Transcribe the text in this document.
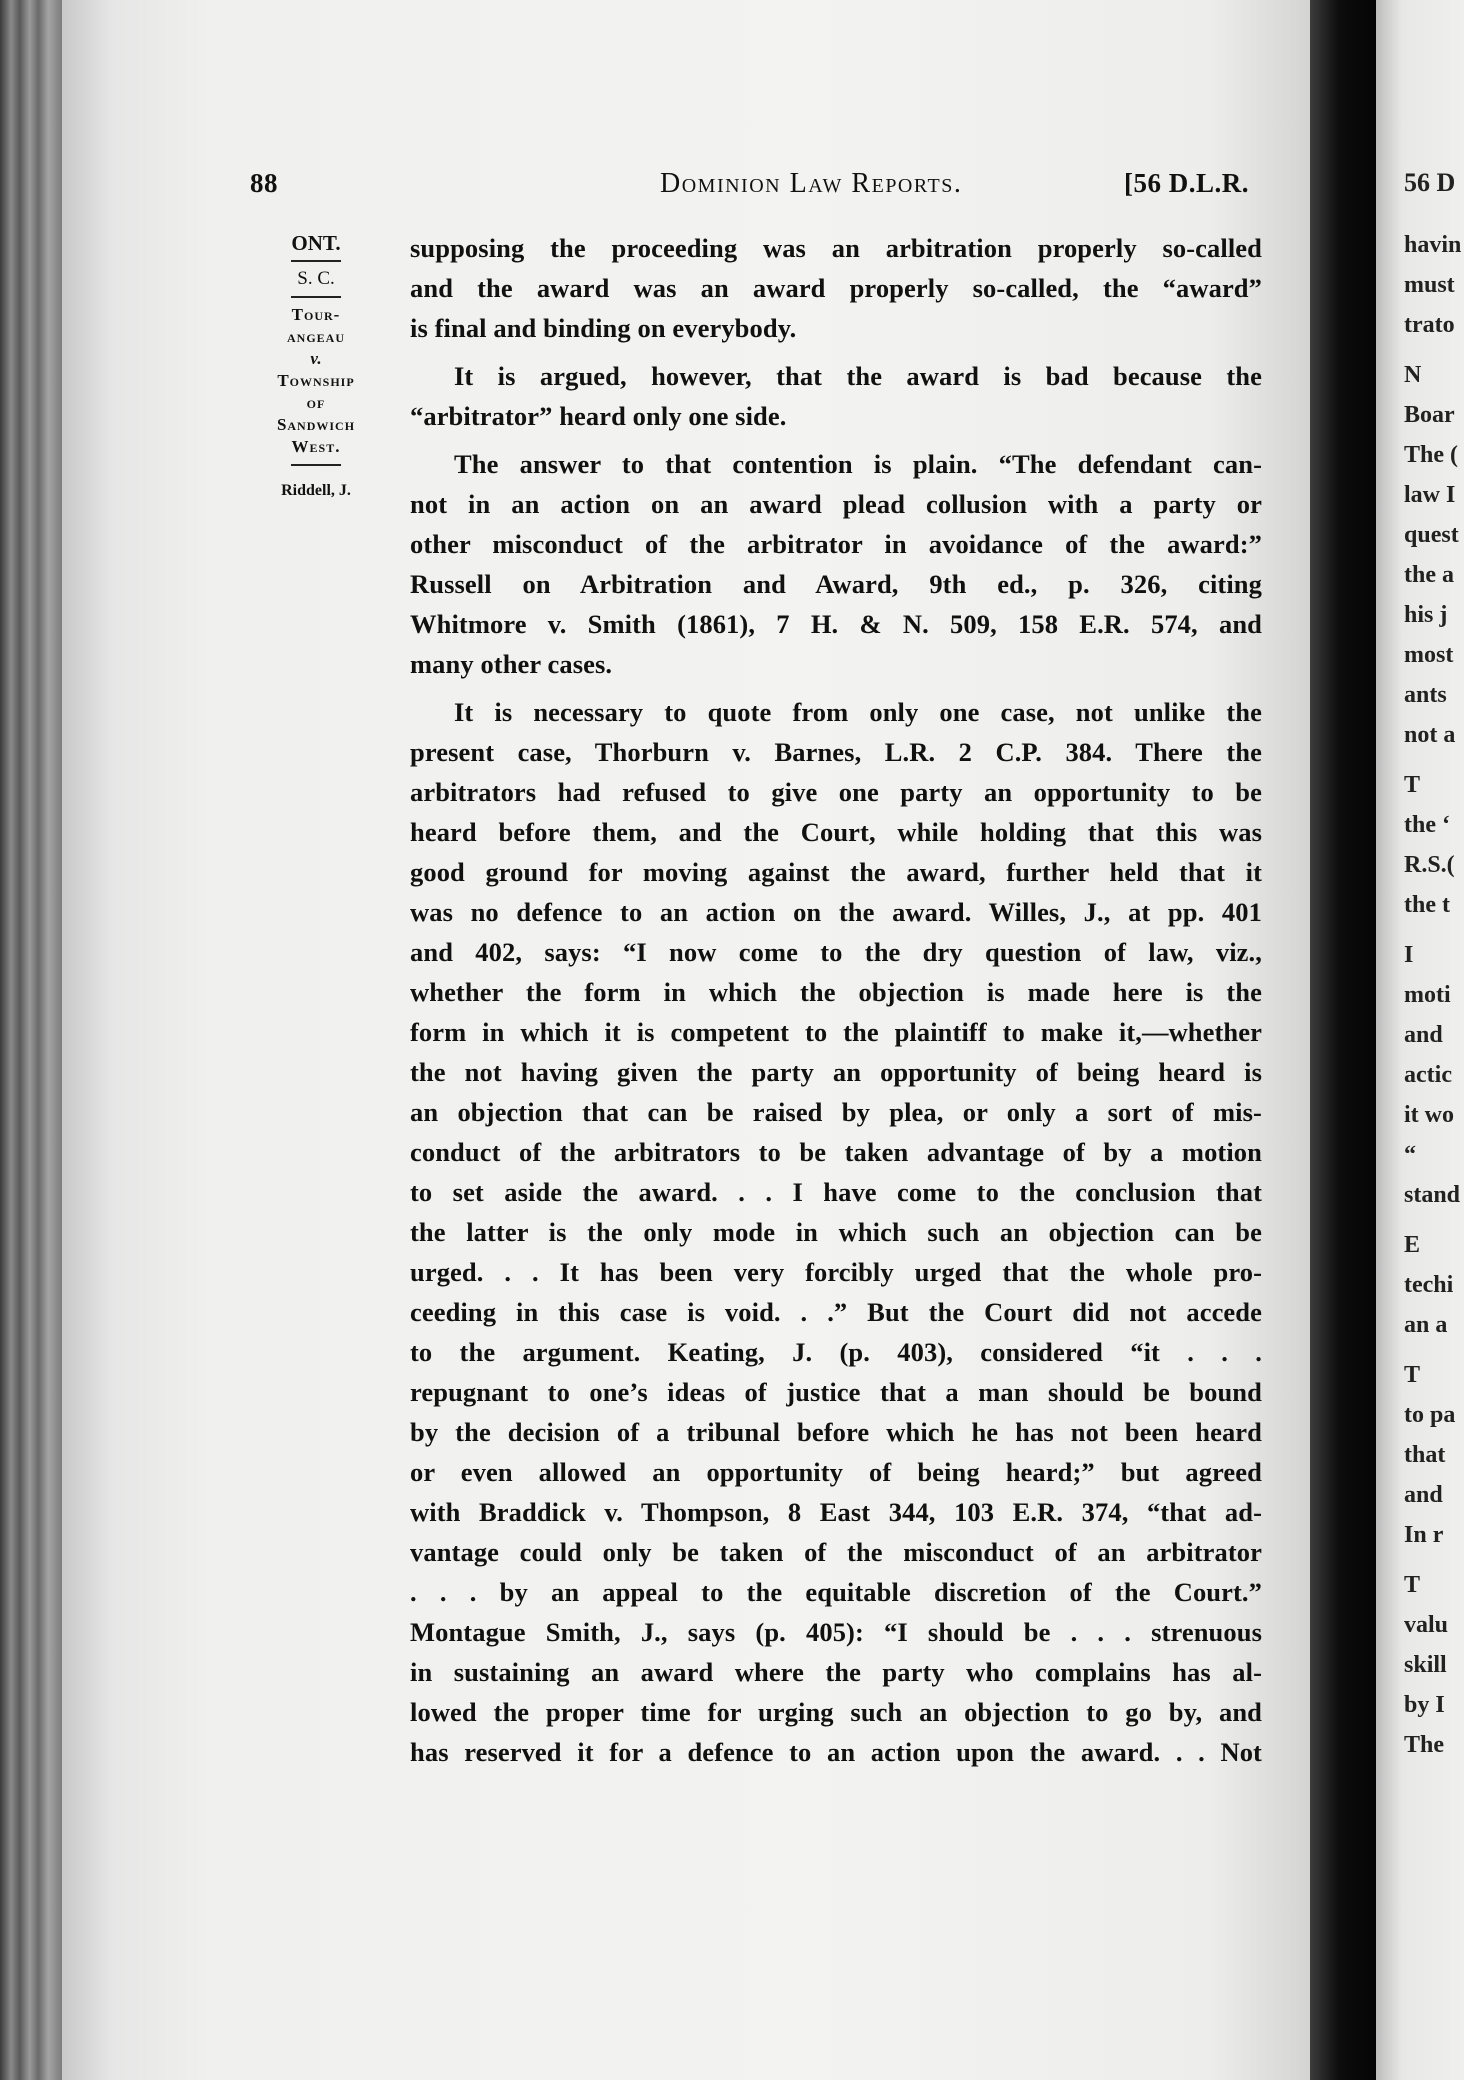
88	Dominion Law Reports.	[56 D.L.R.
ONT.
S. C.
Tour-
angeau
v.
Township
of
Sandwich
West.
Riddell, J.

supposing the proceeding was an arbitration properly so-called

and the award was an award properly so-called, the “award”

is final and binding on everybody.

It is argued, however, that the award is bad because the

“arbitrator” heard only one side.

The answer to that contention is plain. “The defendant can-

not in an action on an award plead collusion with a party or

other misconduct of the arbitrator in avoidance of the award:”

Russell on Arbitration and Award, 9th ed., p. 326, citing

Whitmore v. Smith (1861), 7 H. & N. 509, 158 E.R. 574, and

many other cases.

It is necessary to quote from only one case, not unlike the

present case, Thorburn v. Barnes, L.R. 2 C.P. 384. There the

arbitrators had refused to give one party an opportunity to be

heard before them, and the Court, while holding that this was

good ground for moving against the award, further held that it

was no defence to an action on the award. Willes, J., at pp. 401

and 402, says: “I now come to the dry question of law, viz.,

whether the form in which the objection is made here is the

form in which it is competent to the plaintiff to make it,—whether

the not having given the party an opportunity of being heard is

an objection that can be raised by plea, or only a sort of mis-

conduct of the arbitrators to be taken advantage of by a motion

to set aside the award. . . I have come to the conclusion that

the latter is the only mode in which such an objection can be

urged. . . It has been very forcibly urged that the whole pro-

ceeding in this case is void. . .” But the Court did not accede

to the argument. Keating, J. (p. 403), considered “it . . .

repugnant to one’s ideas of justice that a man should be bound

by the decision of a tribunal before which he has not been heard

or even allowed an opportunity of being heard;” but agreed

with Braddick v. Thompson, 8 East 344, 103 E.R. 374, “that ad-

vantage could only be taken of the misconduct of an arbitrator

. . . by an appeal to the equitable discretion of the Court.”

Montague Smith, J., says (p. 405): “I should be . . . strenuous

in sustaining an award where the party who complains has al-

lowed the proper time for urging such an objection to go by, and

has reserved it for a defence to an action upon the award. . . Not

56 D
havin
must
trato
N
Boar
The (
law I
quest
the a
his j
most
ants
not a
T
the ‘
R.S.(
the t
I
moti
and
actic
it wo
“
stand
E
techi
an a
T
to pa
that
and
In r
T
valu
skill
by I
The
